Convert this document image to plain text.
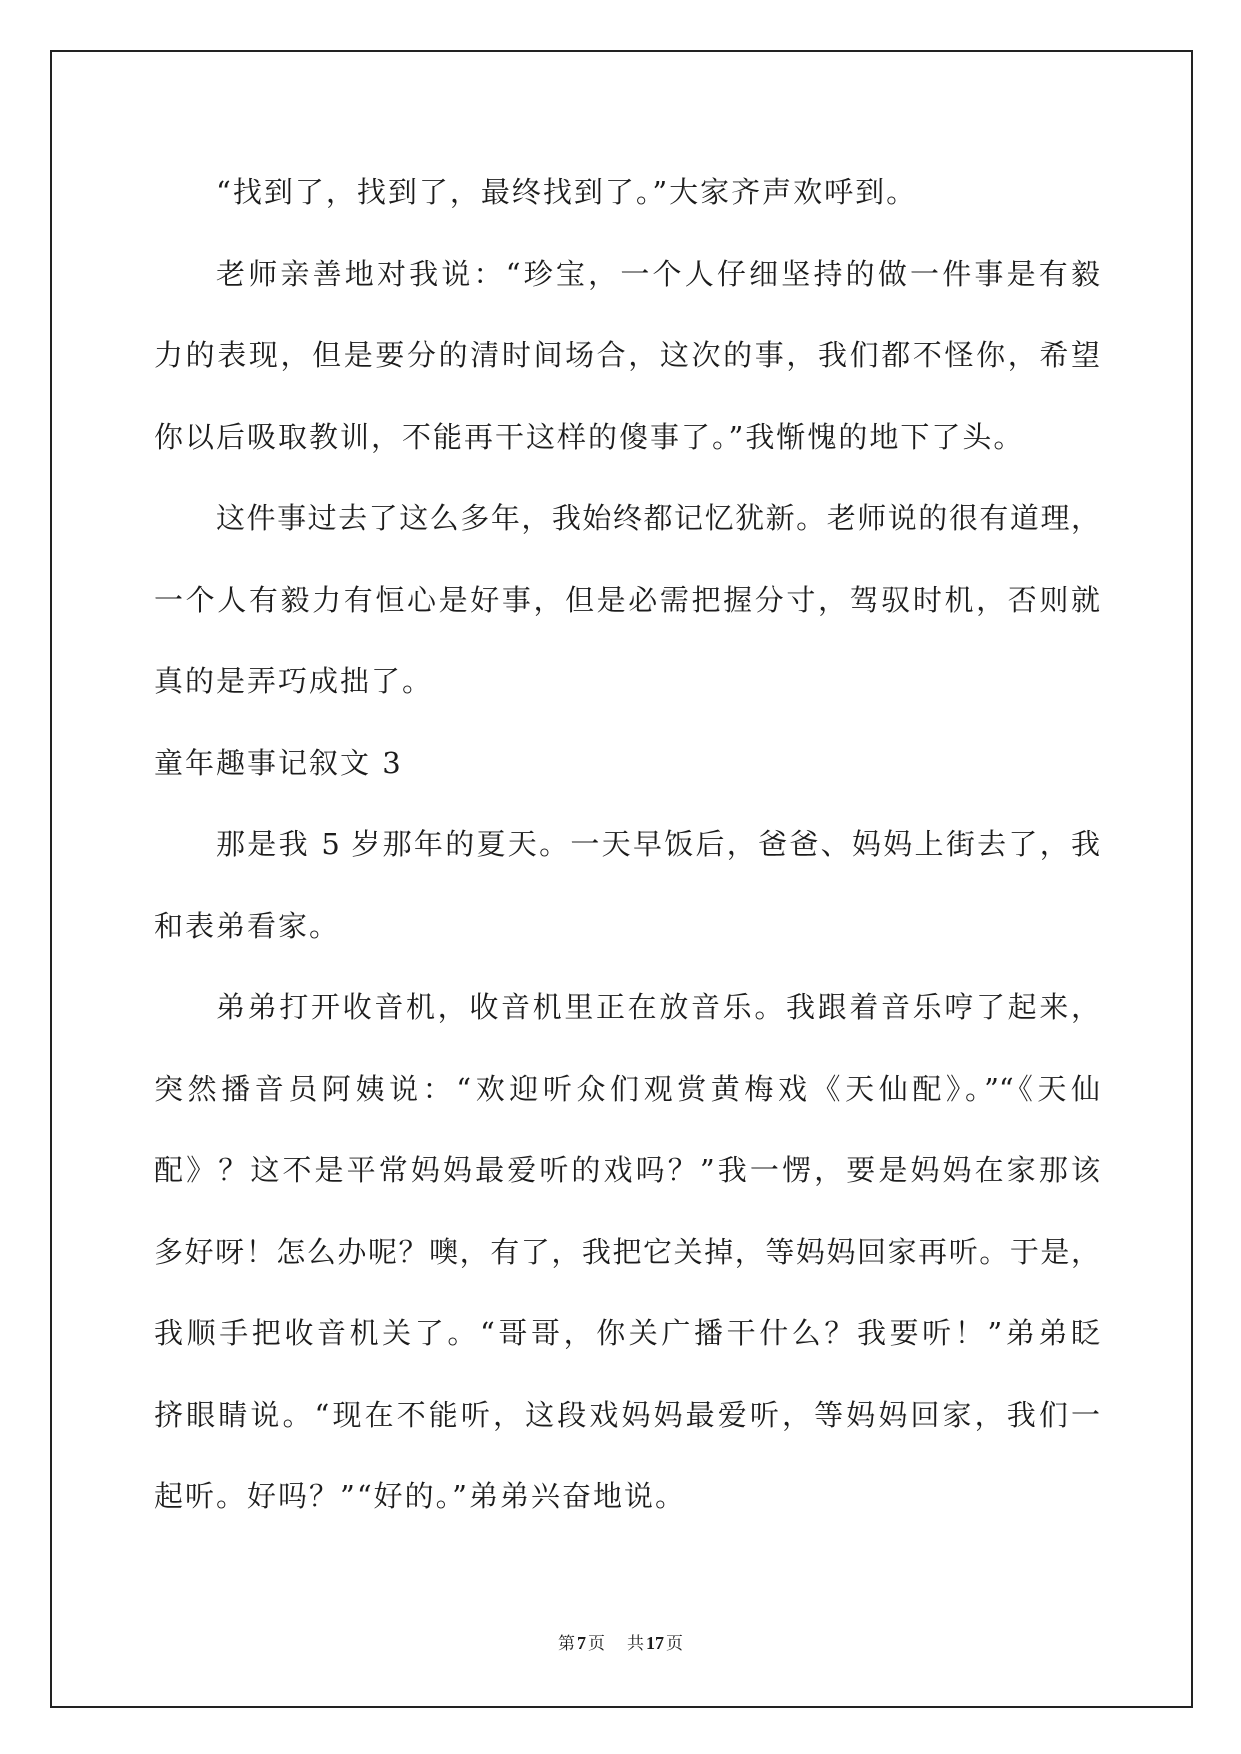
“找到了，找到了，最终找到了。”大家齐声欢呼到。
老师亲善地对我说：“珍宝，一个人仔细坚持的做一件事是有毅
力的表现，但是要分的清时间场合，这次的事，我们都不怪你，希望
你以后吸取教训，不能再干这样的傻事了。”我惭愧的地下了头。
这件事过去了这么多年，我始终都记忆犹新。老师说的很有道理，
一个人有毅力有恒心是好事，但是必需把握分寸，驾驭时机，否则就
真的是弄巧成拙了。
童年趣事记叙文 3
那是我 5 岁那年的夏天。一天早饭后，爸爸、妈妈上街去了，我
和表弟看家。
弟弟打开收音机，收音机里正在放音乐。我跟着音乐哼了起来，
突然播音员阿姨说：“欢迎听众们观赏黄梅戏《天仙配》。”“《天仙
配》？这不是平常妈妈最爱听的戏吗？”我一愣，要是妈妈在家那该
多好呀！怎么办呢？噢，有了，我把它关掉，等妈妈回家再听。于是，
我顺手把收音机关了。“哥哥，你关广播干什么？我要听！”弟弟眨
挤眼睛说。“现在不能听，这段戏妈妈最爱听，等妈妈回家，我们一
起听。好吗？”“好的。”弟弟兴奋地说。
第 7 页 共 17 页
